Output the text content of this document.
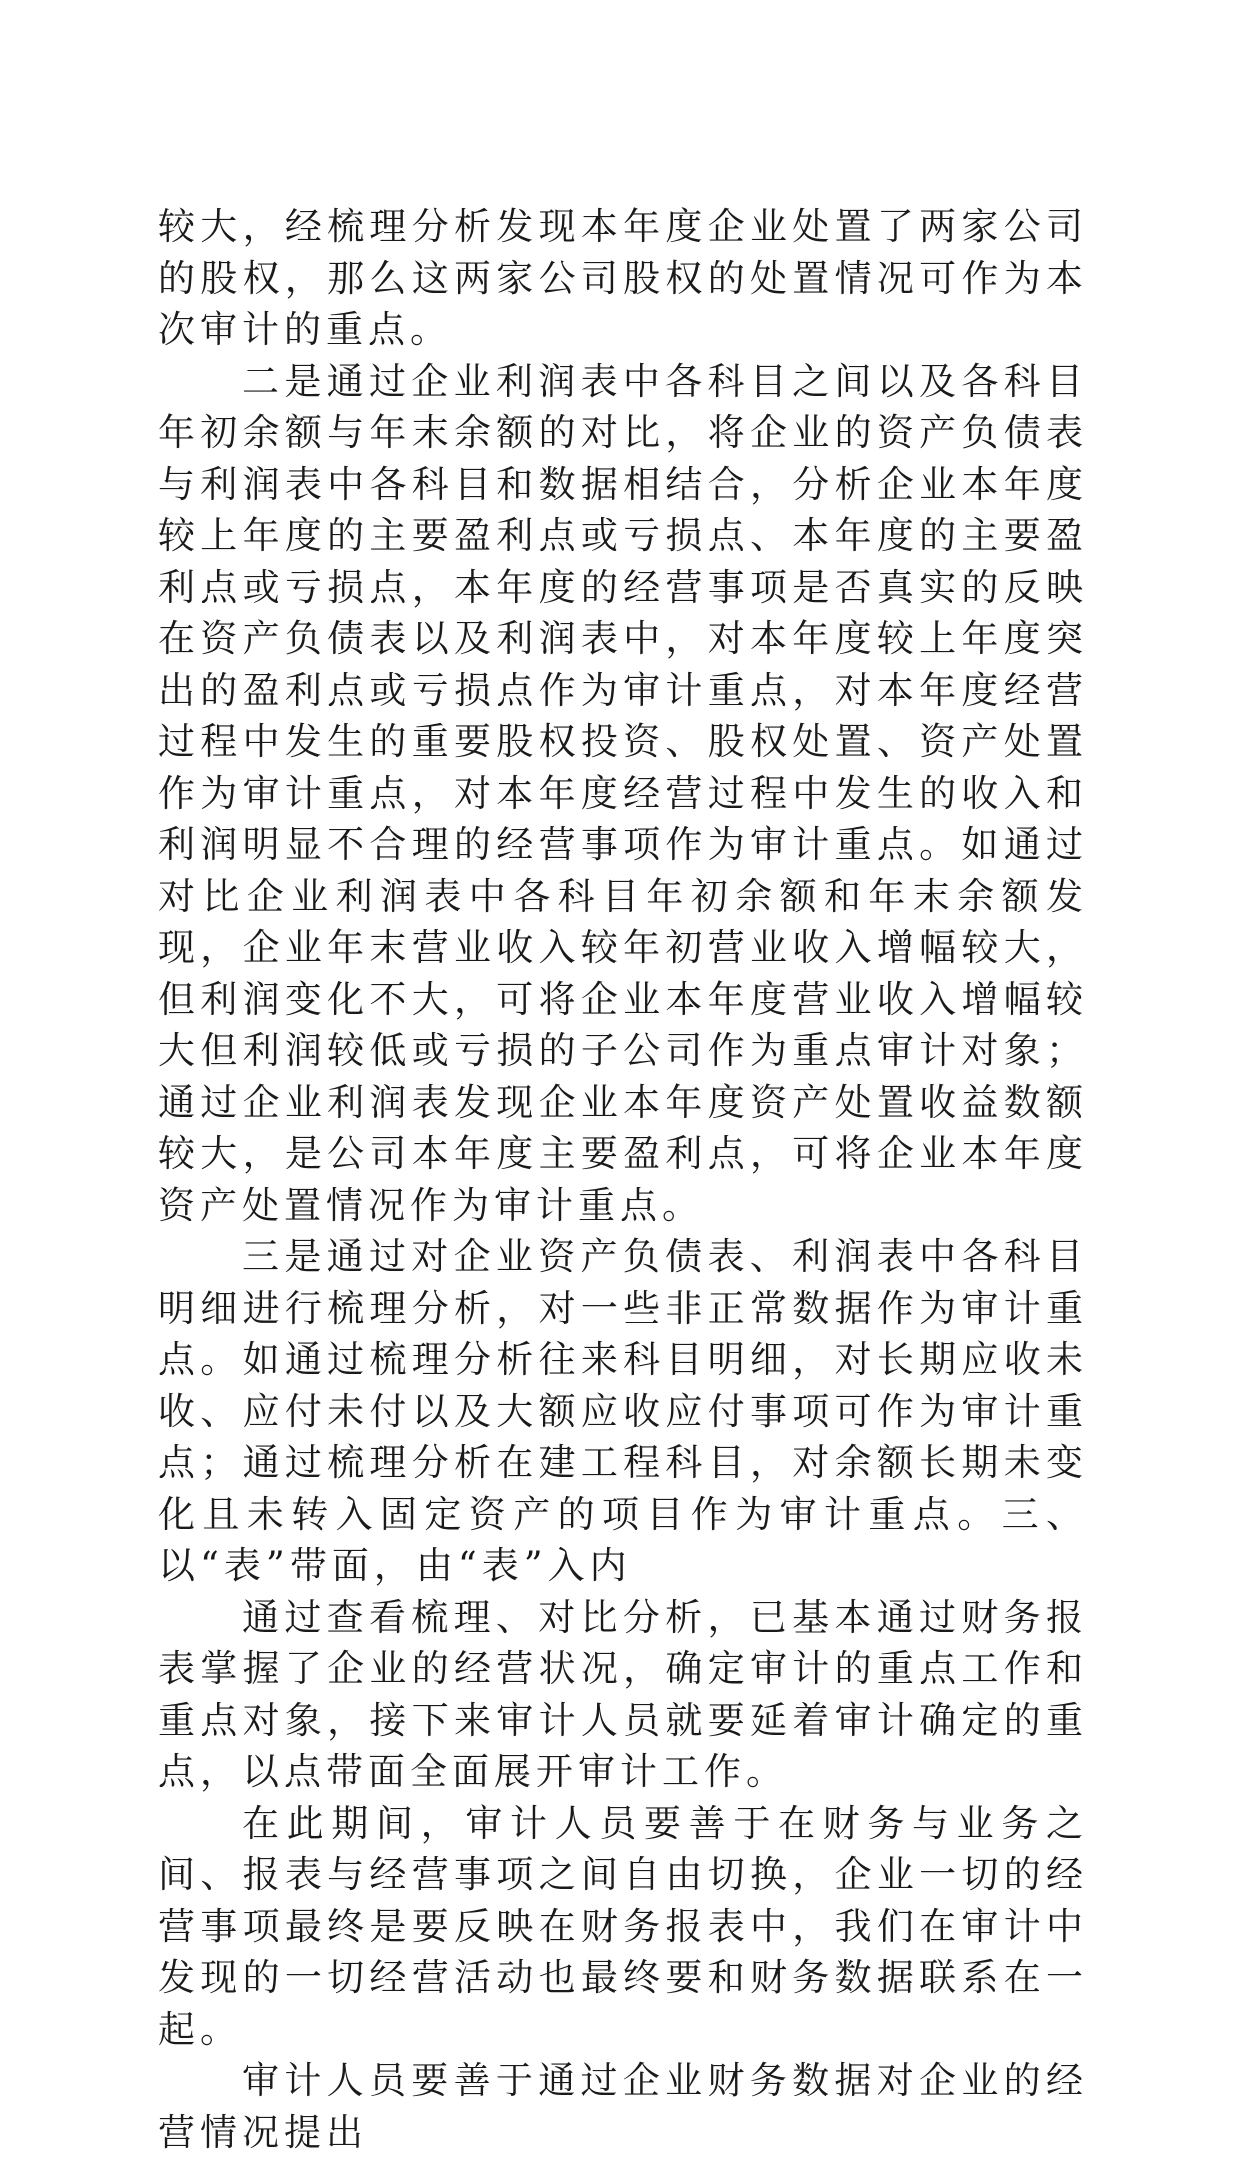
较大，经梳理分析发现本年度企业处置了两家公司的股权，那么这两家公司股权的处置情况可作为本次审计的重点。

二是通过企业利润表中各科目之间以及各科目年初余额与年末余额的对比，将企业的资产负债表与利润表中各科目和数据相结合，分析企业本年度较上年度的主要盈利点或亏损点、本年度的主要盈利点或亏损点，本年度的经营事项是否真实的反映在资产负债表以及利润表中，对本年度较上年度突出的盈利点或亏损点作为审计重点，对本年度经营过程中发生的重要股权投资、股权处置、资产处置作为审计重点，对本年度经营过程中发生的收入和利润明显不合理的经营事项作为审计重点。如通过对比企业利润表中各科目年初余额和年末余额发现，企业年末营业收入较年初营业收入增幅较大，但利润变化不大，可将企业本年度营业收入增幅较大但利润较低或亏损的子公司作为重点审计对象；通过企业利润表发现企业本年度资产处置收益数额较大，是公司本年度主要盈利点，可将企业本年度资产处置情况作为审计重点。

三是通过对企业资产负债表、利润表中各科目明细进行梳理分析，对一些非正常数据作为审计重点。如通过梳理分析往来科目明细，对长期应收未收、应付未付以及大额应收应付事项可作为审计重点；通过梳理分析在建工程科目，对余额长期未变化且未转入固定资产的项目作为审计重点。三、以“表”带面，由“表”入内

通过查看梳理、对比分析，已基本通过财务报表掌握了企业的经营状况，确定审计的重点工作和重点对象，接下来审计人员就要延着审计确定的重点，以点带面全面展开审计工作。

在此期间，审计人员要善于在财务与业务之间、报表与经营事项之间自由切换，企业一切的经营事项最终是要反映在财务报表中，我们在审计中发现的一切经营活动也最终要和财务数据联系在一起。

审计人员要善于通过企业财务数据对企业的经营情况提出
